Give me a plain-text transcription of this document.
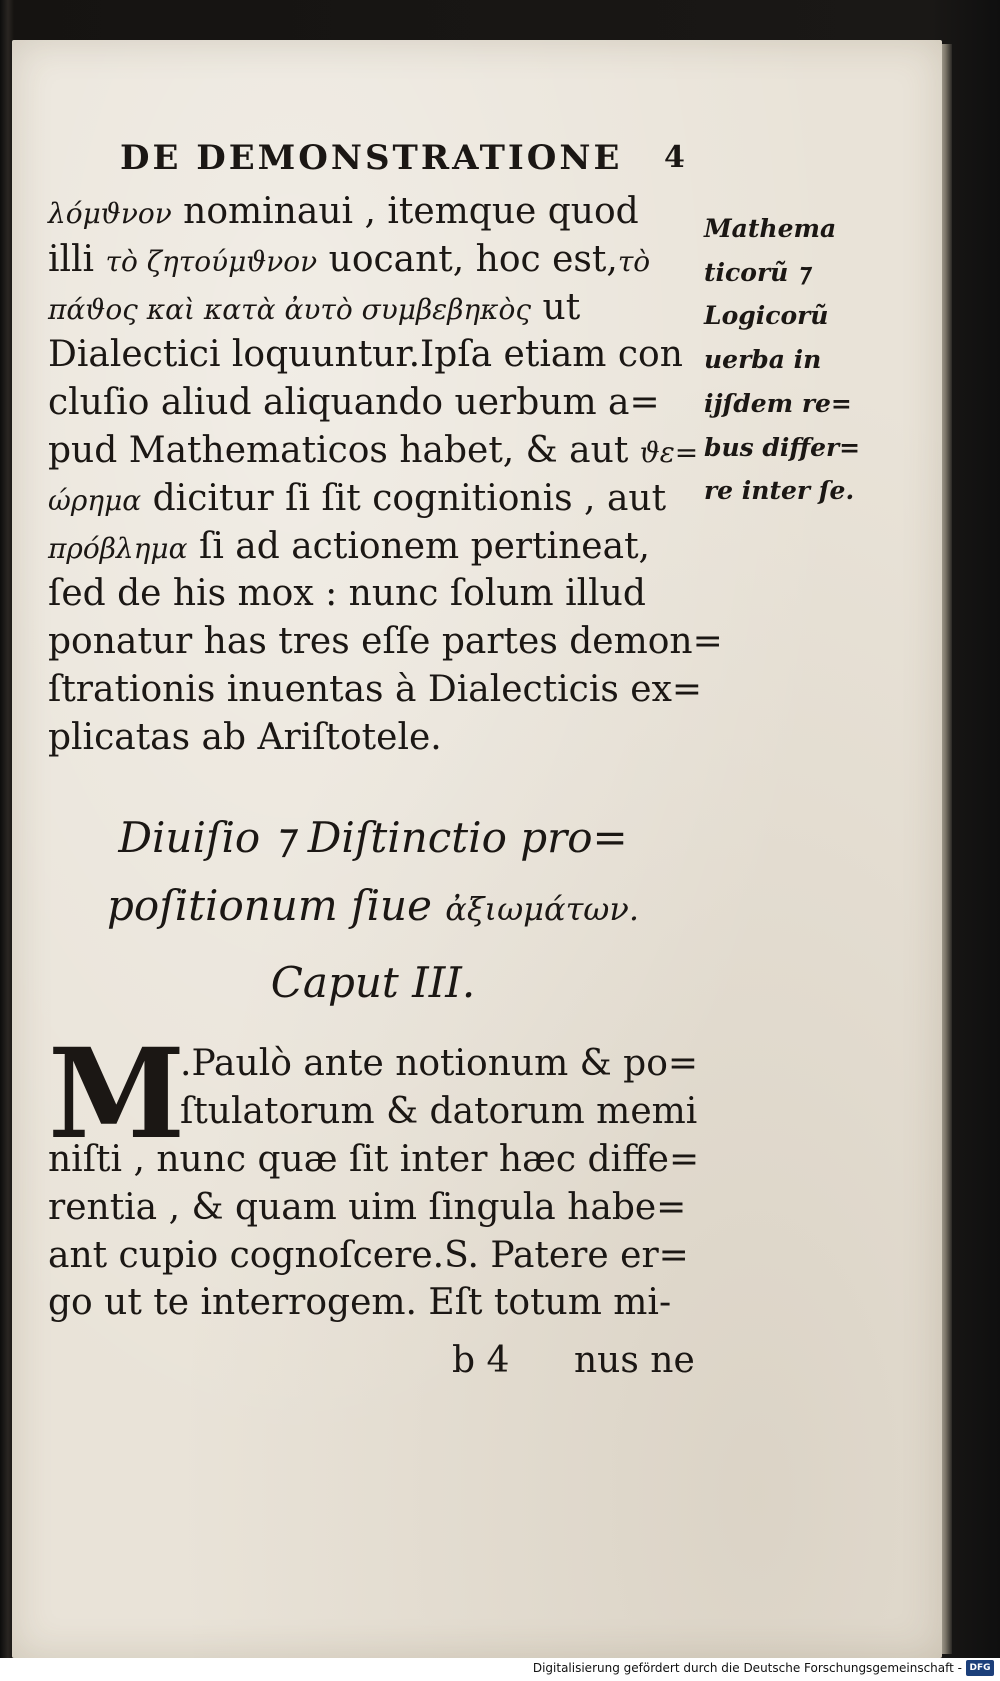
DE DEMONSTRATIONE 4
λόμϑνον nominaui , itemque quod
illi τὸ ζητούμϑνον uocant, hoc est,τὸ
πάϑος καὶ κατὰ ἀυτὸ συμβεβηκὸς ut
Dialectici loquuntur.Ipſa etiam con
cluſio aliud aliquando uerbum a=
pud Mathematicos habet, & aut ϑε=
ώρημα dicitur ſi ſit cognitionis , aut
πρόβλημα ſi ad actionem pertineat,
ſed de his mox : nunc ſolum illud
ponatur has tres eſſe partes demon=
ſtrationis inuentas à Dialecticis ex=
plicatas ab Ariſtotele.
Mathema
ticorũ ⁊
Logicorũ
uerba in
ijſdem re=
bus differ=
re inter ſe.
Diuiſio ⁊ Diſtinctio pro=
poſitionum ſiue ἀξιωμάτων.
Caput III.
M
.Paulò ante notionum & po=
ſtulatorum & datorum memi
niſti , nunc quæ ſit inter hæc diffe=
rentia , & quam uim ſingula habe=
ant cupio cognoſcere.S. Patere er=
go ut te interrogem. Eſt totum mi-
b 4 nus ne
Digitalisierung gefördert durch die Deutsche Forschungsgemeinschaft - DFG
